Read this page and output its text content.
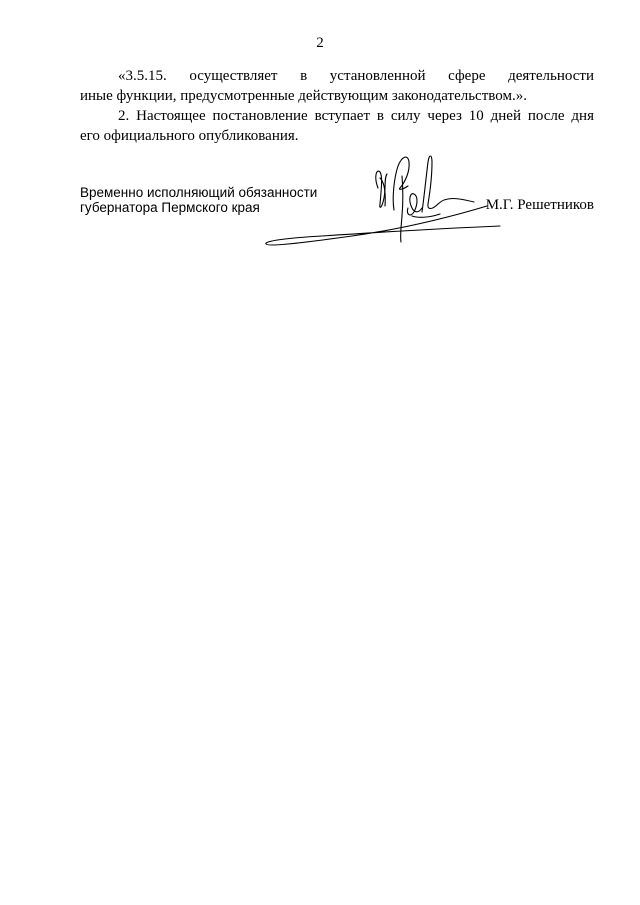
2

«3.5.15. осуществляет в установленной сфере деятельности
иные функции, предусмотренные действующим законодательством.».

2. Настоящее постановление вступает в силу через 10 дней после дня
его официального опубликования.

Временно исполняющий обязанности
губернатора Пермского края	М.Г. Решетников
